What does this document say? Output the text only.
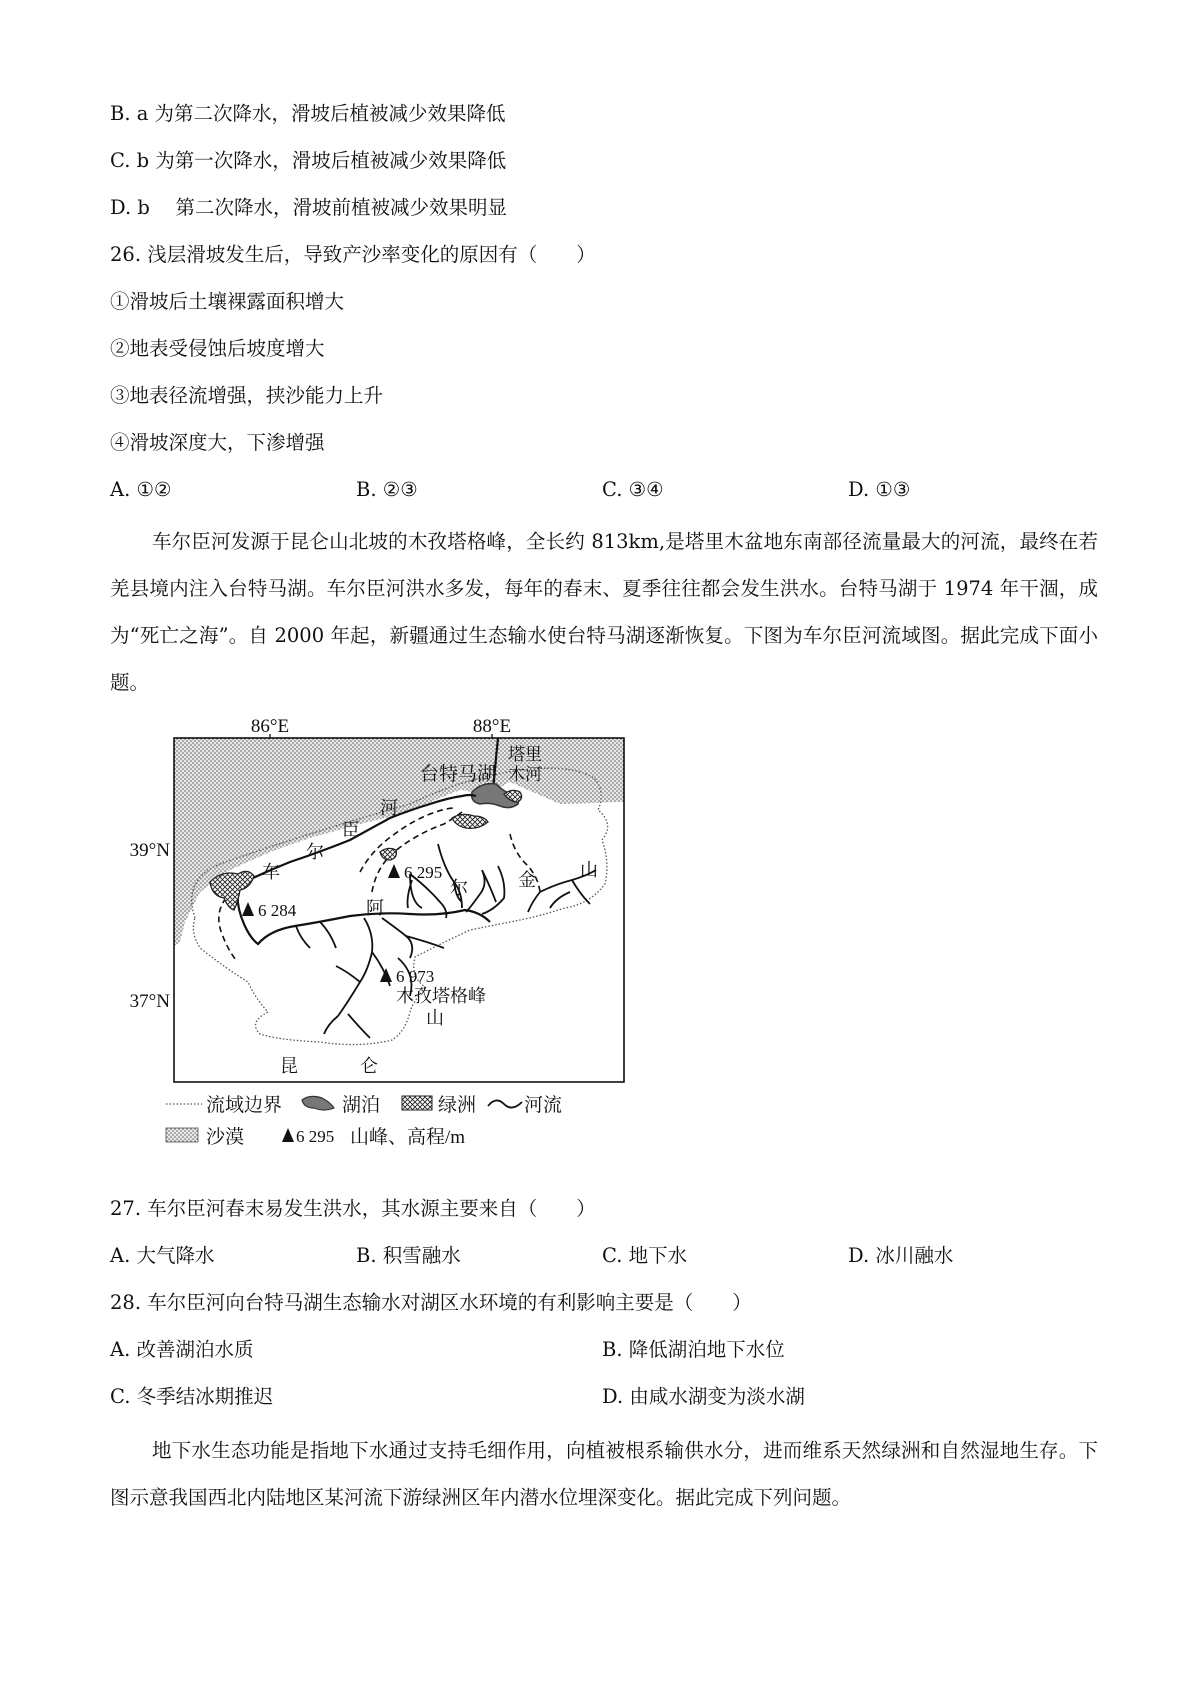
B. a 为第二次降水，滑坡后植被减少效果降低
C. b 为第一次降水，滑坡后植被减少效果降低
D. b　 第二次降水，滑坡前植被减少效果明显
26. 浅层滑坡发生后，导致产沙率变化的原因有（　　）
①滑坡后土壤裸露面积增大
②地表受侵蚀后坡度增大
③地表径流增强，挟沙能力上升
④滑坡深度大，下渗增强
A. ①②	B. ②③	C. ③④	D. ①③
车尔臣河发源于昆仑山北坡的木孜塔格峰，全长约 813km,是塔里木盆地东南部径流量最大的河流，最终在若羌县境内注入台特马湖。车尔臣河洪水多发，每年的春末、夏季往往都会发生洪水。台特马湖于 1974 年干涸，成为“死亡之海”。自 2000 年起，新疆通过生态输水使台特马湖逐渐恢复。下图为车尔臣河流域图。据此完成下面小题。
86°E	88°E
39°N
37°N
台特马湖
塔里
木河
车
尔
臣
河
阿
尔	金 山
昆	仑
山
6 295
6 284
6 973
木孜塔格峰
流域边界	湖泊	绿洲	河流
沙漠	6 295 山峰、高程/m
27. 车尔臣河春末易发生洪水，其水源主要来自（　　）
A. 大气降水	B. 积雪融水	C. 地下水	D. 冰川融水
28. 车尔臣河向台特马湖生态输水对湖区水环境的有利影响主要是（　　）
A. 改善湖泊水质	B. 降低湖泊地下水位
C. 冬季结冰期推迟	D. 由咸水湖变为淡水湖
地下水生态功能是指地下水通过支持毛细作用，向植被根系输供水分，进而维系天然绿洲和自然湿地生存。下图示意我国西北内陆地区某河流下游绿洲区年内潜水位埋深变化。据此完成下列问题。
